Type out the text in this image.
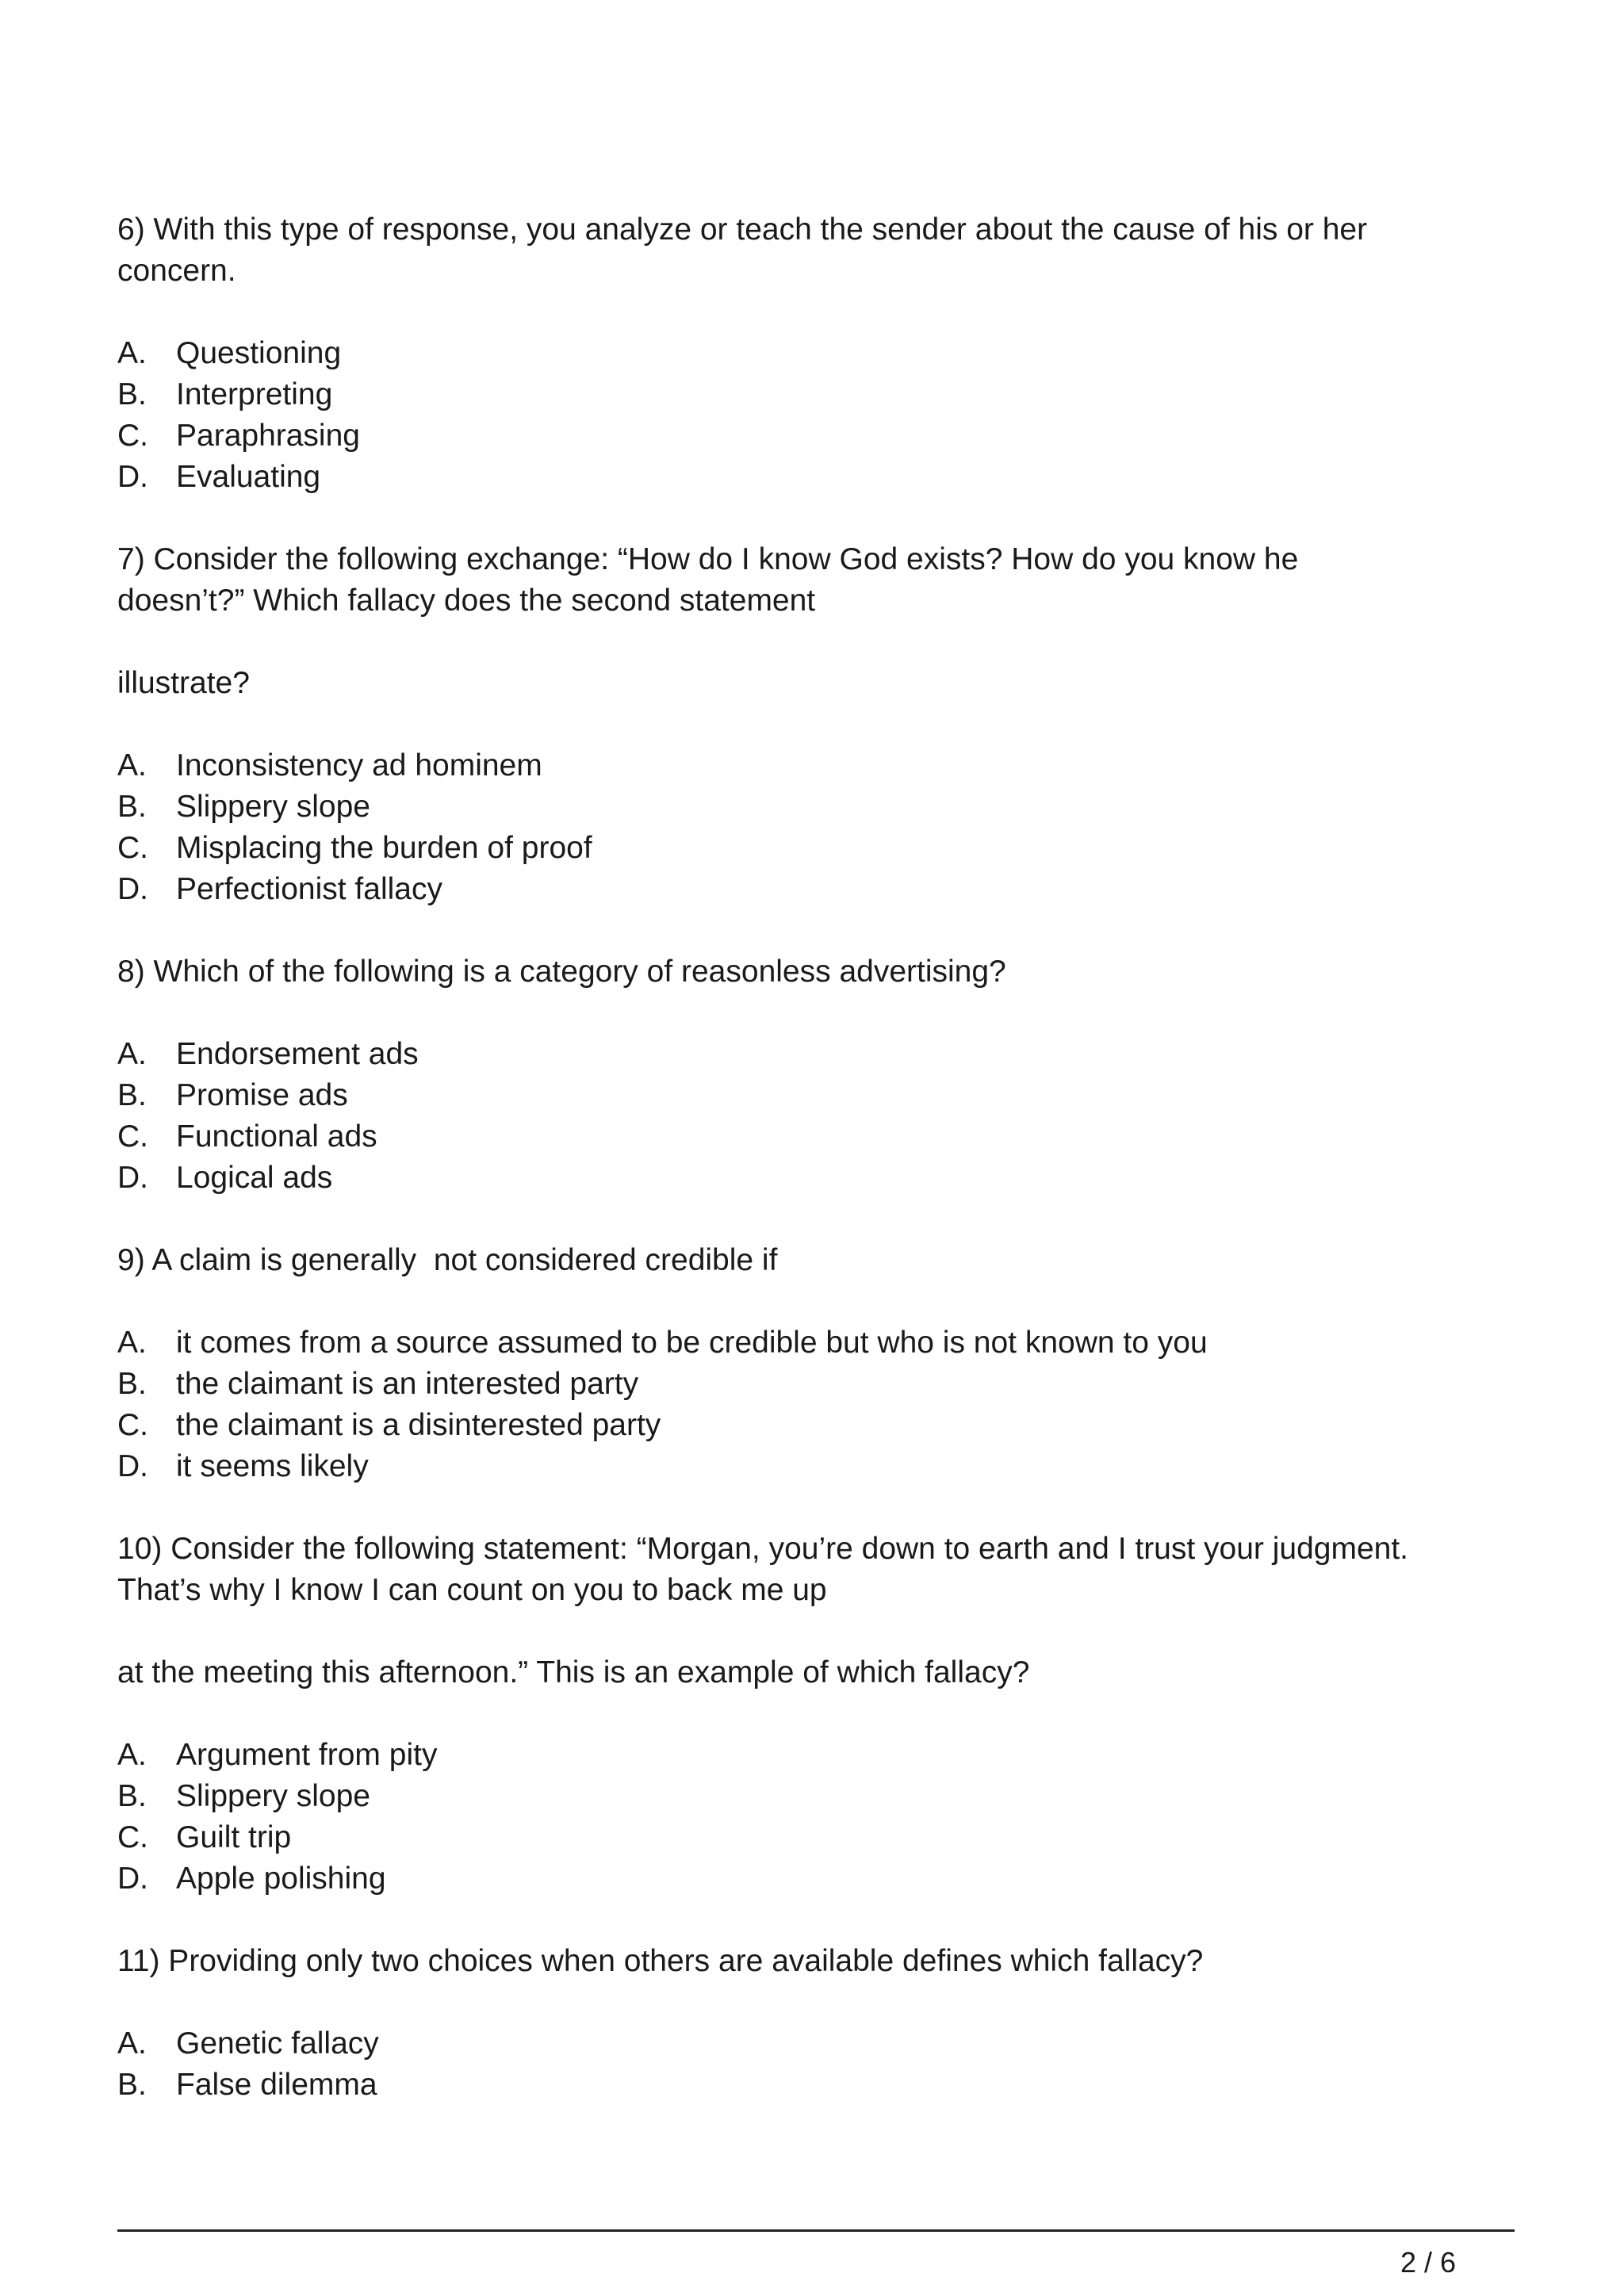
6) With this type of response, you analyze or teach the sender about the cause of his or her
concern.
A. Questioning
B. Interpreting
C. Paraphrasing
D. Evaluating
7) Consider the following exchange: “How do I know God exists? How do you know he
doesn’t?” Which fallacy does the second statement
illustrate?
A. Inconsistency ad hominem
B. Slippery slope
C. Misplacing the burden of proof
D. Perfectionist fallacy
8) Which of the following is a category of reasonless advertising?
A. Endorsement ads
B. Promise ads
C. Functional ads
D. Logical ads
9) A claim is generally  not considered credible if
A. it comes from a source assumed to be credible but who is not known to you
B. the claimant is an interested party
C. the claimant is a disinterested party
D. it seems likely
10) Consider the following statement: “Morgan, you’re down to earth and I trust your judgment.
That’s why I know I can count on you to back me up
at the meeting this afternoon.” This is an example of which fallacy?
A. Argument from pity
B. Slippery slope
C. Guilt trip
D. Apple polishing
11) Providing only two choices when others are available defines which fallacy?
A. Genetic fallacy
B. False dilemma
2 / 6
